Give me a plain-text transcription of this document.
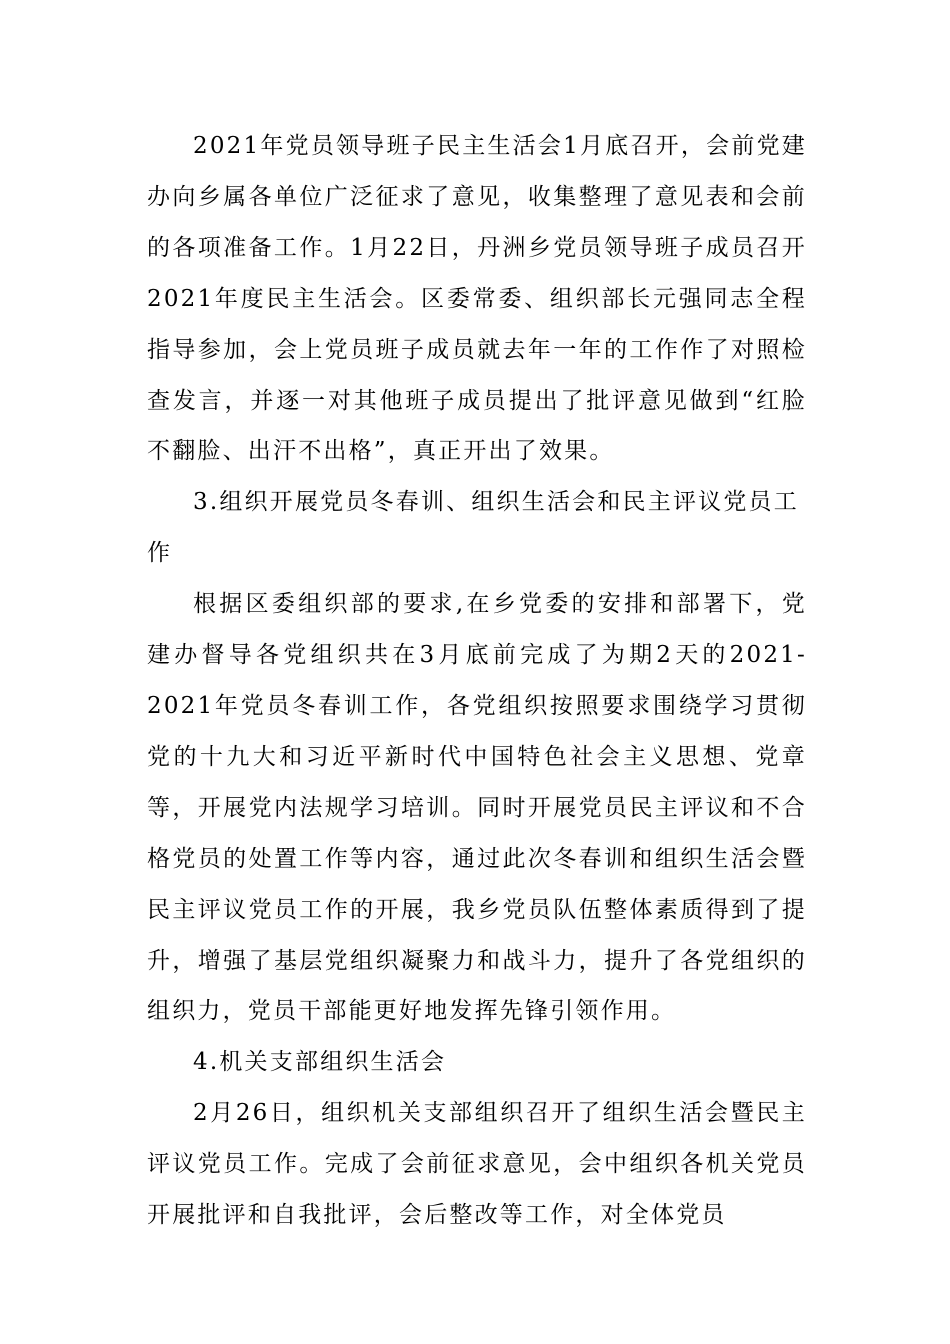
2021年党员领导班子民主生活会1月底召开，会前党建办向乡属各单位广泛征求了意见，收集整理了意见表和会前的各项准备工作。1月22日，丹洲乡党员领导班子成员召开2021年度民主生活会。区委常委、组织部长元强同志全程指导参加，会上党员班子成员就去年一年的工作作了对照检查发言，并逐一对其他班子成员提出了批评意见做到“红脸不翻脸、出汗不出格”，真正开出了效果。

3.组织开展党员冬春训、组织生活会和民主评议党员工作

根据区委组织部的要求,在乡党委的安排和部署下，党建办督导各党组织共在3月底前完成了为期2天的2021-2021年党员冬春训工作，各党组织按照要求围绕学习贯彻党的十九大和习近平新时代中国特色社会主义思想、党章等，开展党内法规学习培训。同时开展党员民主评议和不合格党员的处置工作等内容，通过此次冬春训和组织生活会暨民主评议党员工作的开展，我乡党员队伍整体素质得到了提升，增强了基层党组织凝聚力和战斗力，提升了各党组织的组织力，党员干部能更好地发挥先锋引领作用。

4.机关支部组织生活会

2月26日，组织机关支部组织召开了组织生活会暨民主评议党员工作。完成了会前征求意见，会中组织各机关党员开展批评和自我批评，会后整改等工作，对全体党员
